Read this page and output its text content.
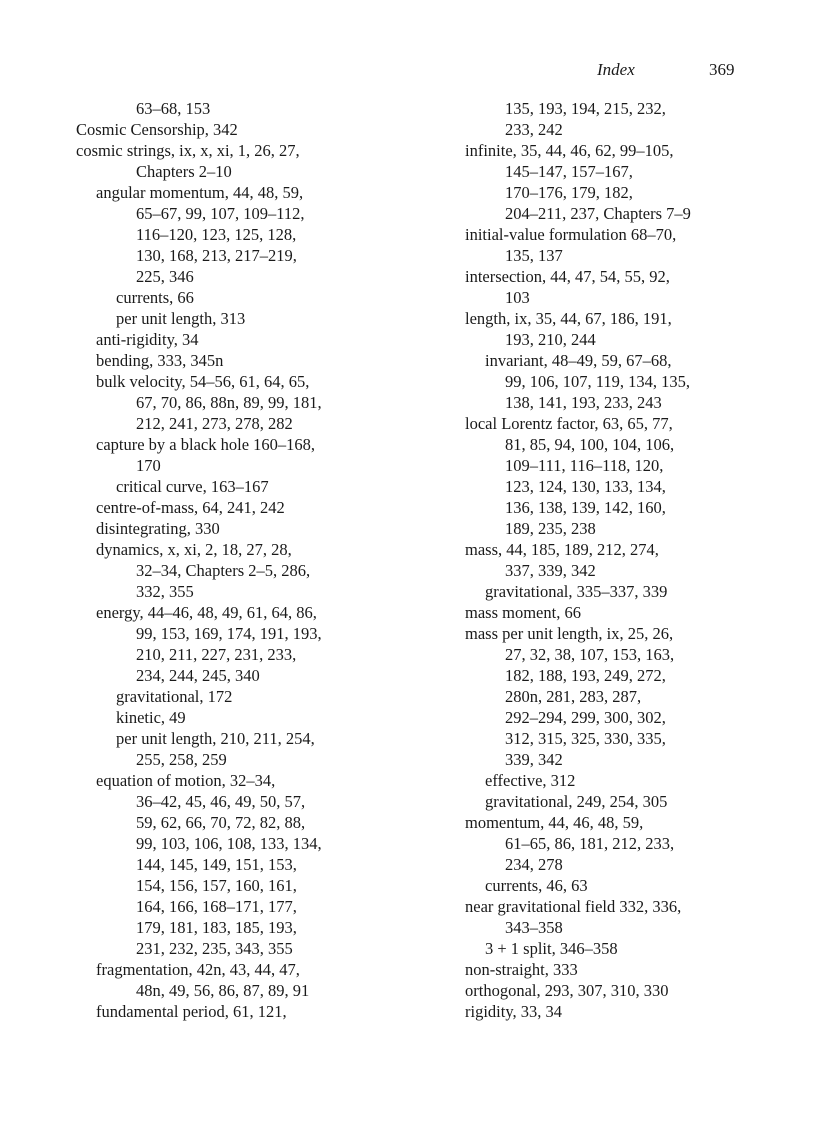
Index	369
63–68, 153
Cosmic Censorship, 342
cosmic strings, ix, x, xi, 1, 26, 27,
Chapters 2–10
angular momentum, 44, 48, 59,
65–67, 99, 107, 109–112,
116–120, 123, 125, 128,
130, 168, 213, 217–219,
225, 346
currents, 66
per unit length, 313
anti-rigidity, 34
bending, 333, 345n
bulk velocity, 54–56, 61, 64, 65,
67, 70, 86, 88n, 89, 99, 181,
212, 241, 273, 278, 282
capture by a black hole 160–168,
170
critical curve, 163–167
centre-of-mass, 64, 241, 242
disintegrating, 330
dynamics, x, xi, 2, 18, 27, 28,
32–34, Chapters 2–5, 286,
332, 355
energy, 44–46, 48, 49, 61, 64, 86,
99, 153, 169, 174, 191, 193,
210, 211, 227, 231, 233,
234, 244, 245, 340
gravitational, 172
kinetic, 49
per unit length, 210, 211, 254,
255, 258, 259
equation of motion, 32–34,
36–42, 45, 46, 49, 50, 57,
59, 62, 66, 70, 72, 82, 88,
99, 103, 106, 108, 133, 134,
144, 145, 149, 151, 153,
154, 156, 157, 160, 161,
164, 166, 168–171, 177,
179, 181, 183, 185, 193,
231, 232, 235, 343, 355
fragmentation, 42n, 43, 44, 47,
48n, 49, 56, 86, 87, 89, 91
fundamental period, 61, 121,
135, 193, 194, 215, 232,
233, 242
infinite, 35, 44, 46, 62, 99–105,
145–147, 157–167,
170–176, 179, 182,
204–211, 237, Chapters 7–9
initial-value formulation 68–70,
135, 137
intersection, 44, 47, 54, 55, 92,
103
length, ix, 35, 44, 67, 186, 191,
193, 210, 244
invariant, 48–49, 59, 67–68,
99, 106, 107, 119, 134, 135,
138, 141, 193, 233, 243
local Lorentz factor, 63, 65, 77,
81, 85, 94, 100, 104, 106,
109–111, 116–118, 120,
123, 124, 130, 133, 134,
136, 138, 139, 142, 160,
189, 235, 238
mass, 44, 185, 189, 212, 274,
337, 339, 342
gravitational, 335–337, 339
mass moment, 66
mass per unit length, ix, 25, 26,
27, 32, 38, 107, 153, 163,
182, 188, 193, 249, 272,
280n, 281, 283, 287,
292–294, 299, 300, 302,
312, 315, 325, 330, 335,
339, 342
effective, 312
gravitational, 249, 254, 305
momentum, 44, 46, 48, 59,
61–65, 86, 181, 212, 233,
234, 278
currents, 46, 63
near gravitational field 332, 336,
343–358
3 + 1 split, 346–358
non-straight, 333
orthogonal, 293, 307, 310, 330
rigidity, 33, 34
